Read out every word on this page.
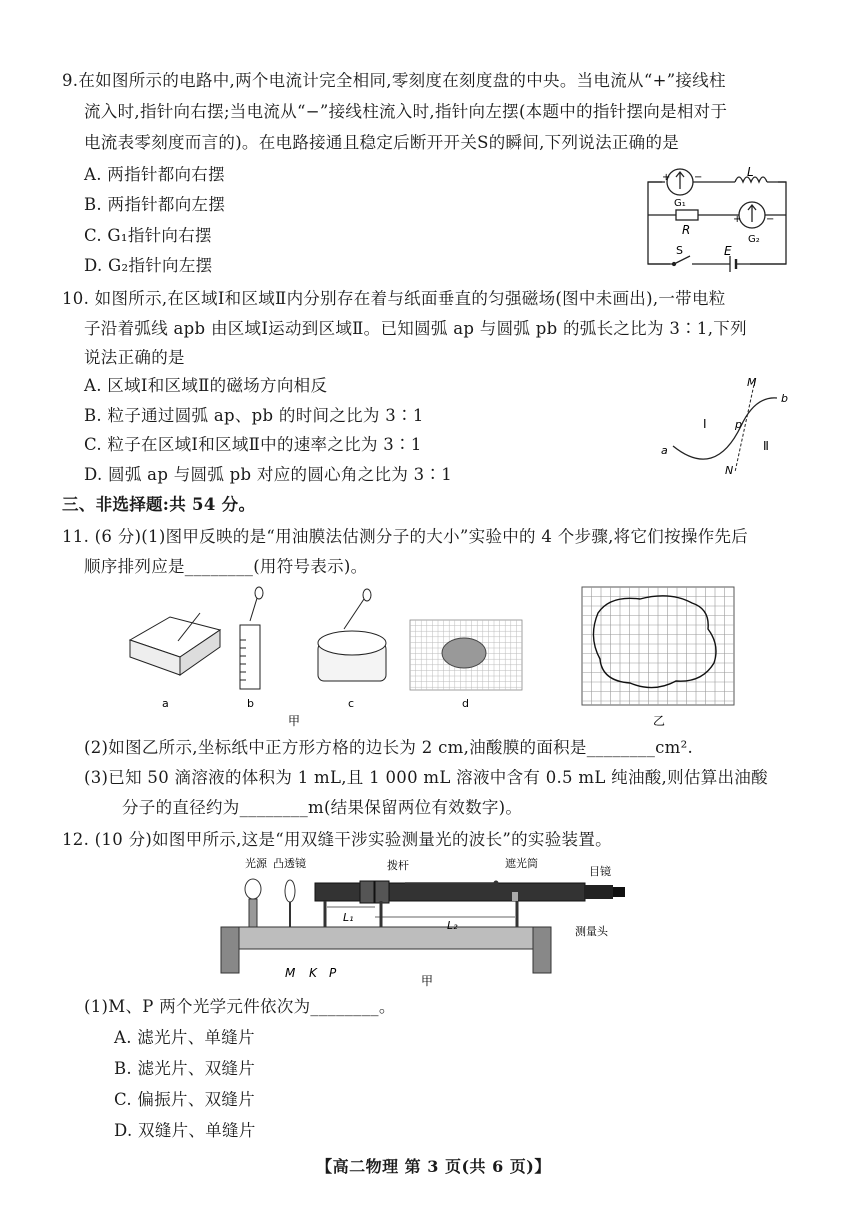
9.在如图所示的电路中,两个电流计完全相同,零刻度在刻度盘的中央。当电流从“+”接线柱
流入时,指针向右摆;当电流从“−”接线柱流入时,指针向左摆(本题中的指针摆向是相对于
电流表零刻度而言的)。在电路接通且稳定后断开开关S的瞬间,下列说法正确的是
A. 两指针都向右摆
B. 两指针都向左摆
C. G₁指针向右摆
D. G₂指针向左摆
+ −
G₁
L
R
+ −
G₂
S	E
10. 如图所示,在区域Ⅰ和区域Ⅱ内分别存在着与纸面垂直的匀强磁场(图中未画出),一带电粒
子沿着弧线 apb 由区域Ⅰ运动到区域Ⅱ。已知圆弧 ap 与圆弧 pb 的弧长之比为 3∶1,下列
说法正确的是
A. 区域Ⅰ和区域Ⅱ的磁场方向相反
B. 粒子通过圆弧 ap、pb 的时间之比为 3∶1
C. 粒子在区域Ⅰ和区域Ⅱ中的速率之比为 3∶1
D. 圆弧 ap 与圆弧 pb 对应的圆心角之比为 3∶1
M
N
p
a
b
Ⅰ
Ⅱ
三、非选择题:共 54 分。
11. (6 分)(1)图甲反映的是“用油膜法估测分子的大小”实验中的 4 个步骤,将它们按操作先后
顺序排列应是________(用符号表示)。
a	b	c	d
甲	乙
(2)如图乙所示,坐标纸中正方形方格的边长为 2 cm,油酸膜的面积是________cm².
(3)已知 50 滴溶液的体积为 1 mL,且 1 000 mL 溶液中含有 0.5 mL 纯油酸,则估算出油酸
分子的直径约为________m(结果保留两位有效数字)。
12. (10 分)如图甲所示,这是“用双缝干涉实验测量光的波长”的实验装置。
光源 凸透镜	拨杆	遮光筒
目镜
测量头
M K P
L₁
L₂
甲
(1)M、P 两个光学元件依次为________。
A. 滤光片、单缝片
B. 滤光片、双缝片
C. 偏振片、双缝片
D. 双缝片、单缝片
【高二物理 第 3 页(共 6 页)】
